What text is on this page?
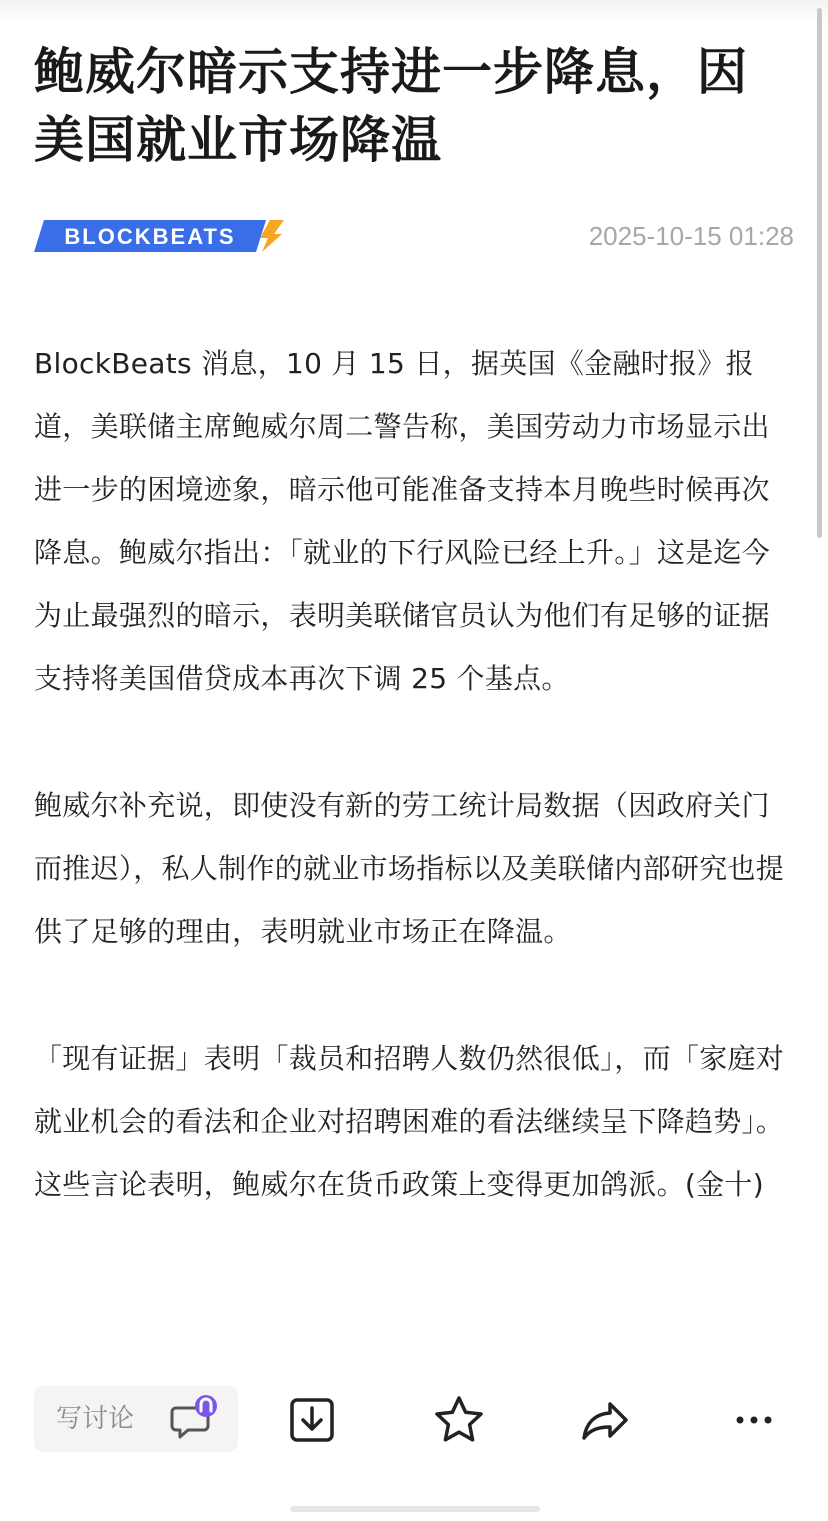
鲍威尔暗示支持进一步降息，因美国就业市场降温
BLOCKBEATS	2025-10-15 01:28

BlockBeats 消息，10 月 15 日，据英国《金融时报》报道，美联储主席鲍威尔周二警告称，美国劳动力市场显示出进一步的困境迹象，暗示他可能准备支持本月晚些时候再次降息。鲍威尔指出：「就业的下行风险已经上升。」这是迄今为止最强烈的暗示，表明美联储官员认为他们有足够的证据支持将美国借贷成本再次下调 25 个基点。

鲍威尔补充说，即使没有新的劳工统计局数据（因政府关门而推迟），私人制作的就业市场指标以及美联储内部研究也提供了足够的理由，表明就业市场正在降温。

「现有证据」表明「裁员和招聘人数仍然很低」，而「家庭对就业机会的看法和企业对招聘困难的看法继续呈下降趋势」。这些言论表明，鲍威尔在货币政策上变得更加鸽派。(金十)

写讨论
